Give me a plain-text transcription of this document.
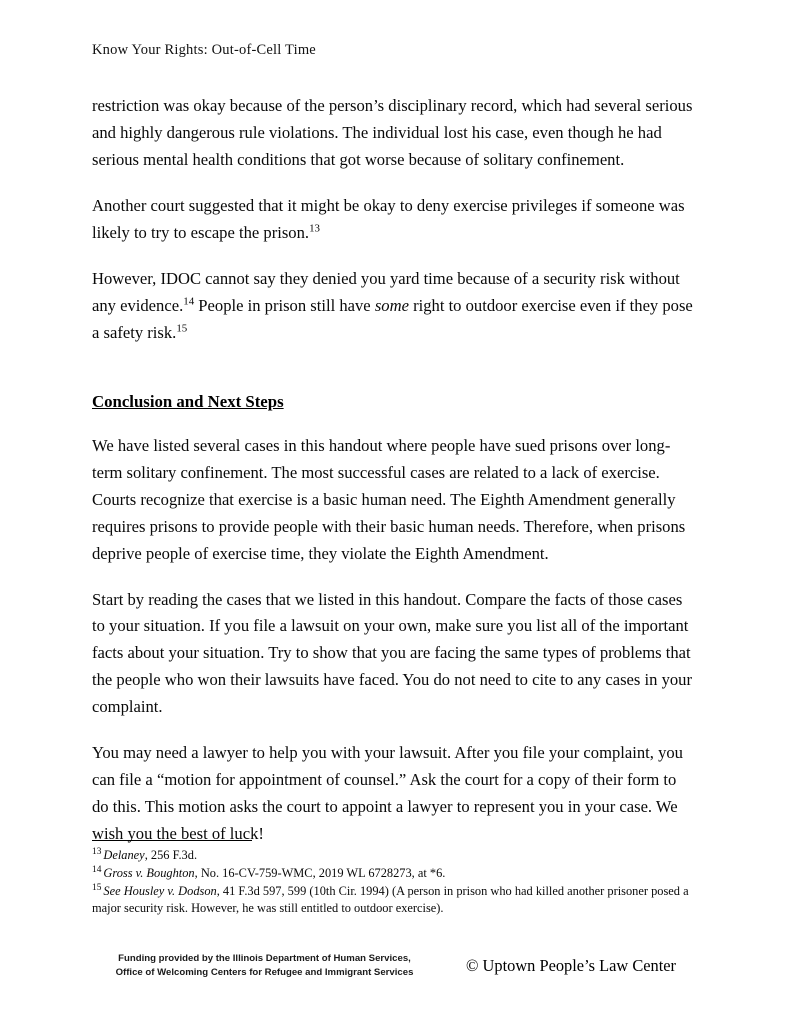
Know Your Rights: Out-of-Cell Time

restriction was okay because of the person’s disciplinary record, which had several serious and highly dangerous rule violations. The individual lost his case, even though he had serious mental health conditions that got worse because of solitary confinement.

Another court suggested that it might be okay to deny exercise privileges if someone was likely to try to escape the prison.$^{13}$

However, IDOC cannot say they denied you yard time because of a security risk without any evidence.$^{14}$ People in prison still have some right to outdoor exercise even if they pose a safety risk.$^{15}$

Conclusion and Next Steps

We have listed several cases in this handout where people have sued prisons over long-term solitary confinement. The most successful cases are related to a lack of exercise. Courts recognize that exercise is a basic human need. The Eighth Amendment generally requires prisons to provide people with their basic human needs. Therefore, when prisons deprive people of exercise time, they violate the Eighth Amendment.

Start by reading the cases that we listed in this handout. Compare the facts of those cases to your situation. If you file a lawsuit on your own, make sure you list all of the important facts about your situation. Try to show that you are facing the same types of problems that the people who won their lawsuits have faced. You do not need to cite to any cases in your complaint.

You may need a lawyer to help you with your lawsuit. After you file your complaint, you can file a “motion for appointment of counsel.” Ask the court for a copy of their form to do this. This motion asks the court to appoint a lawyer to represent you in your case. We wish you the best of luck!

$^{13}$ Delaney, 256 F.3d.
$^{14}$ Gross v. Boughton, No. 16-CV-759-WMC, 2019 WL 6728273, at *6.
$^{15}$ See Housley v. Dodson, 41 F.3d 597, 599 (10th Cir. 1994) (A person in prison who had killed another prisoner posed a major security risk. However, he was still entitled to outdoor exercise).
Funding provided by the Illinois Department of Human Services,
Office of Welcoming Centers for Refugee and Immigrant Services	© Uptown People’s Law Center
